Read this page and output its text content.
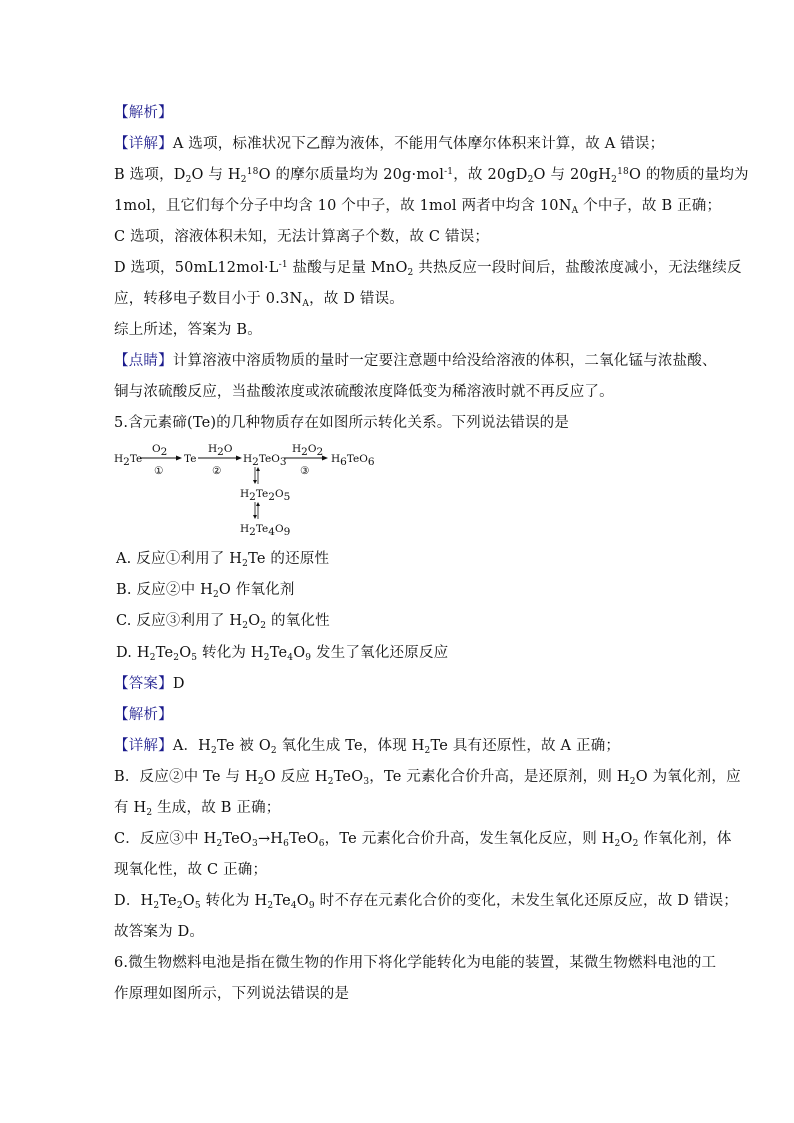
【解析】
【详解】A 选项，标准状况下乙醇为液体，不能用气体摩尔体积来计算，故 A 错误；
B 选项，$D_2O$ 与 $H_2^{18}O$ 的摩尔质量均为 20g·mol$^{-1}$，故 $20gD_2O$ 与 $20gH_2^{18}O$ 的物质的量均为
1mol，且它们每个分子中均含 10 个中子，故 1mol 两者中均含 $10N_A$ 个中子，故 B 正确；
C 选项，溶液体积未知，无法计算离子个数，故 C 错误；
D 选项，$50mL12mol\cdot L^{-1}$ 盐酸与足量 MnO$_2$ 共热反应一段时间后，盐酸浓度减小，无法继续反
应，转移电子数目小于 $0.3N_A$，故 D 错误。
综上所述，答案为 B。
【点睛】计算溶液中溶质物质的量时一定要注意题中给没给溶液的体积，二氧化锰与浓盐酸、
铜与浓硫酸反应，当盐酸浓度或浓硫酸浓度降低变为稀溶液时就不再反应了。
5.含元素碲(Te)的几种物质存在如图所示转化关系。下列说法错误的是
H2Te
O2
①
Te
H2O
②
H2TeO3
H2O2
③
H6TeO6
H2Te2O5
H2Te4O9
A. 反应①利用了 $H_2Te$ 的还原性
B. 反应②中 $H_2O$ 作氧化剂
C. 反应③利用了 $H_2O_2$ 的氧化性
D. $H_2Te_2O_5$ 转化为 $H_2Te_4O_9$ 发生了氧化还原反应
【答案】D
【解析】
【详解】A．$H_2Te$ 被 $O_2$ 氧化生成 Te，体现 $H_2Te$ 具有还原性，故 A 正确；
B．反应②中 Te 与 $H_2O$ 反应 $H_2TeO_3$，Te 元素化合价升高，是还原剂，则 $H_2O$ 为氧化剂，应
有 $H_2$ 生成，故 B 正确；
C．反应③中 $H_2TeO_3\to H_6TeO_6$，Te 元素化合价升高，发生氧化反应，则 $H_2O_2$ 作氧化剂，体
现氧化性，故 C 正确；
D．$H_2Te_2O_5$ 转化为 $H_2Te_4O_9$ 时不存在元素化合价的变化，未发生氧化还原反应，故 D 错误；
故答案为 D。
6.微生物燃料电池是指在微生物的作用下将化学能转化为电能的装置，某微生物燃料电池的工
作原理如图所示，下列说法错误的是
